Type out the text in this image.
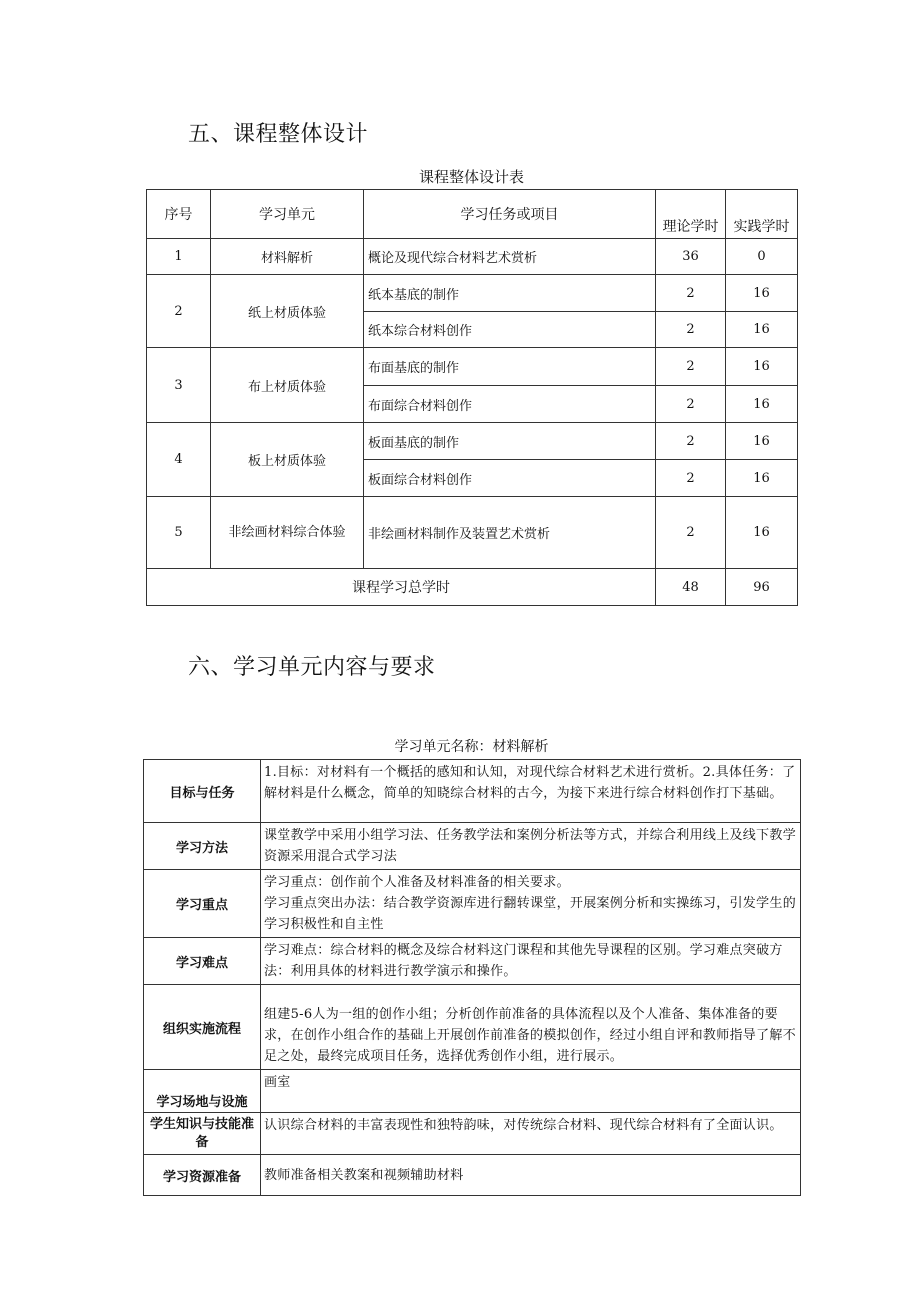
五、课程整体设计
课程整体设计表
序号	学习单元	学习任务或项目	理论学时	实践学时
1	材料解析	概论及现代综合材料艺术赏析	36	0
2	纸上材质体验	纸本基底的制作	2	16
		纸本综合材料创作	2	16
3	布上材质体验	布面基底的制作	2	16
		布面综合材料创作	2	16
4	板上材质体验	板面基底的制作	2	16
		板面综合材料创作	2	16
5	非绘画材料综合体验	非绘画材料制作及装置艺术赏析	2	16
课程学习总学时			48	96
六、学习单元内容与要求
学习单元名称：材料解析
目标与任务	1.目标：对材料有一个概括的感知和认知，对现代综合材料艺术进行赏析。2.具体任务：了解材料是什么概念，简单的知晓综合材料的古今，为接下来进行综合材料创作打下基础。

学习方法	课堂教学中采用小组学习法、任务教学法和案例分析法等方式，并综合利用线上及线下教学资源采用混合式学习法

学习重点	学习重点：创作前个人准备及材料准备的相关要求。
学习重点突出办法：结合教学资源库进行翻转课堂，开展案例分析和实操练习，引发学生的学习积极性和自主性

学习难点	学习难点：综合材料的概念及综合材料这门课程和其他先导课程的区别。学习难点突破方法：利用具体的材料进行教学演示和操作。

组织实施流程	组建5-6人为一组的创作小组；分析创作前准备的具体流程以及个人准备、集体准备的要求，在创作小组合作的基础上开展创作前准备的模拟创作，经过小组自评和教师指导了解不足之处，最终完成项目任务，选择优秀创作小组，进行展示。

学习场地与设施	画室

学生知识与技能准备	认识综合材料的丰富表现性和独特韵味，对传统综合材料、现代综合材料有了全面认识。

学习资源准备	教师准备相关教案和视频辅助材料
